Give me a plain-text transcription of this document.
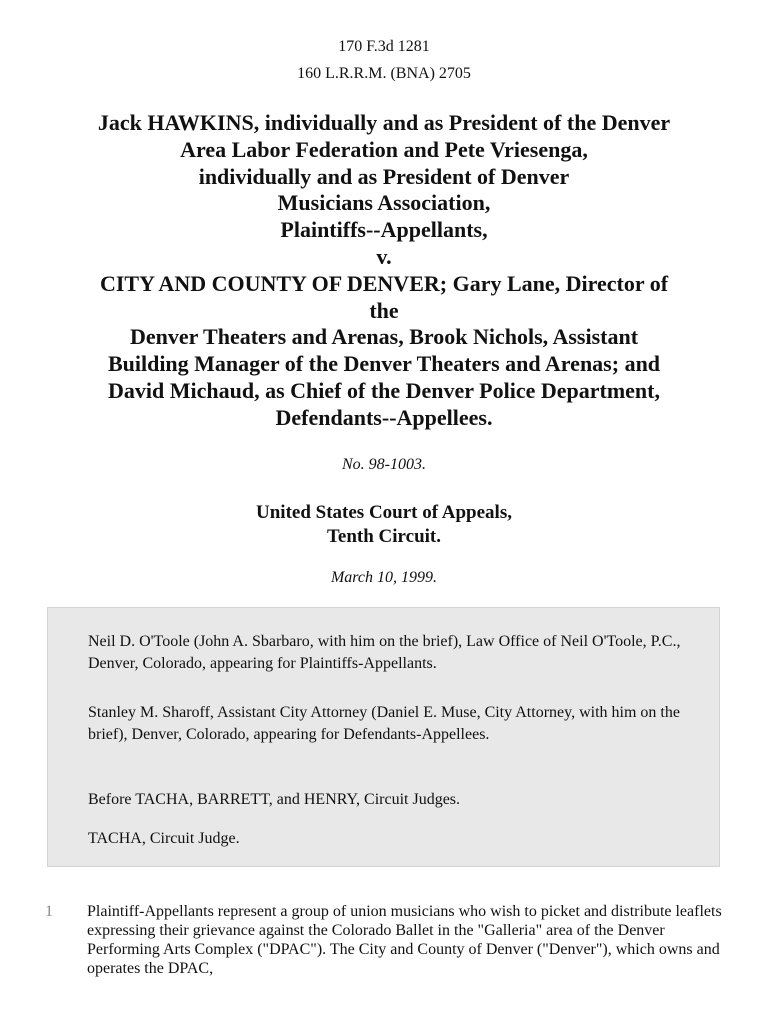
170 F.3d 1281
160 L.R.R.M. (BNA) 2705
Jack HAWKINS, individually and as President of the Denver
Area Labor Federation and Pete Vriesenga,
individually and as President of Denver
Musicians Association,
Plaintiffs--Appellants,
v.
CITY AND COUNTY OF DENVER; Gary Lane, Director of
the
Denver Theaters and Arenas, Brook Nichols, Assistant
Building Manager of the Denver Theaters and Arenas; and
David Michaud, as Chief of the Denver Police Department,
Defendants--Appellees.
No. 98-1003.
United States Court of Appeals,
Tenth Circuit.
March 10, 1999.

Neil D. O'Toole (John A. Sbarbaro, with him on the brief), Law Office of Neil O'Toole, P.C., Denver, Colorado, appearing for Plaintiffs-Appellants.

Stanley M. Sharoff, Assistant City Attorney (Daniel E. Muse, City Attorney, with him on the brief), Denver, Colorado, appearing for Defendants-Appellees.

Before TACHA, BARRETT, and HENRY, Circuit Judges.

TACHA, Circuit Judge.

1 Plaintiff-Appellants represent a group of union musicians who wish to picket and distribute leaflets expressing their grievance against the Colorado Ballet in the "Galleria" area of the Denver Performing Arts Complex ("DPAC"). The City and County of Denver ("Denver"), which owns and operates the DPAC,
